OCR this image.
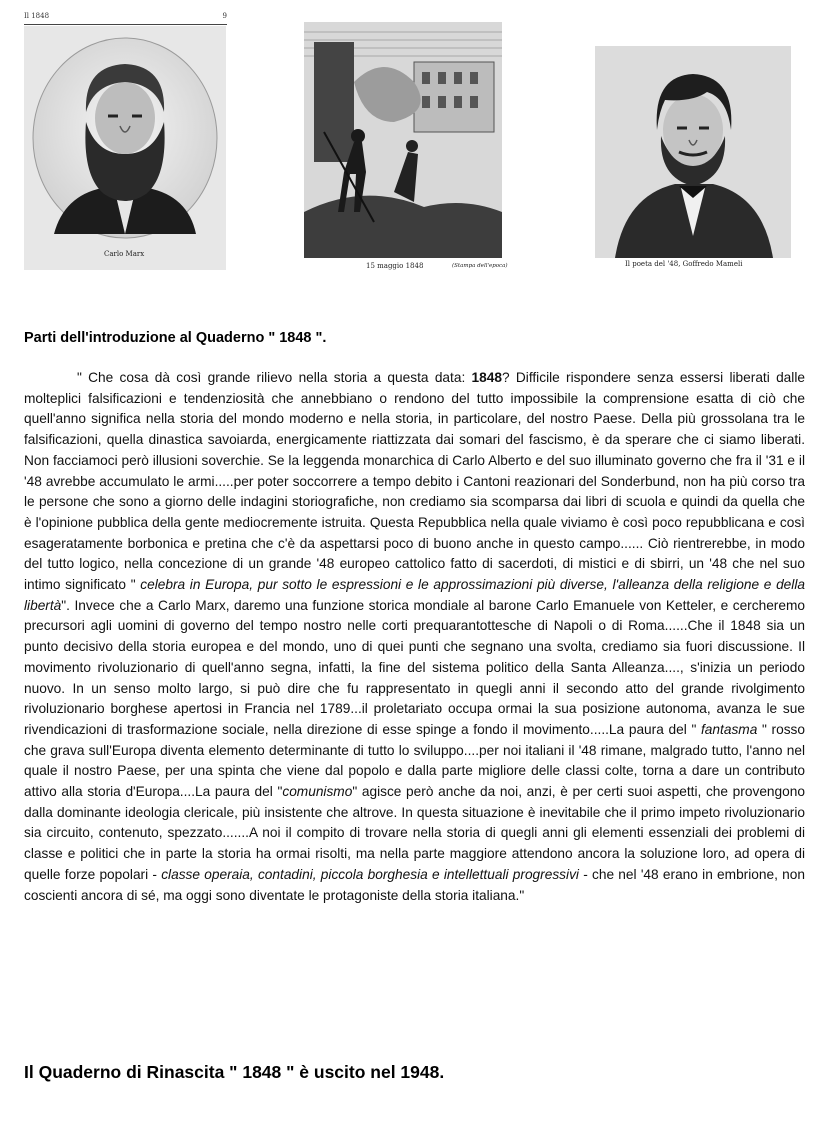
Il 1848	9
Carlo Marx
15 maggio 1848	(Stampa dell'epoca)	Il poeta del '48, Goffredo Mameli
Parti dell'introduzione al Quaderno " 1848 ".

" Che cosa dà così grande rilievo nella storia a questa data: 1848? Difficile rispondere senza essersi liberati dalle molteplici falsificazioni e tendenziosità che annebbiano o rendono del tutto impossibile la comprensione esatta di ciò che quell'anno significa nella storia del mondo moderno e nella storia, in particolare, del nostro Paese. Della più grossolana tra le falsificazioni, quella dinastica savoiarda, energicamente riattizzata dai somari del fascismo, è da sperare che ci siamo liberati. Non facciamoci però illusioni soverchie. Se la leggenda monarchica di Carlo Alberto e del suo illuminato governo che fra il '31 e il '48 avrebbe accumulato le armi.....per poter soccorrere a tempo debito i Cantoni reazionari del Sonderbund, non ha più corso tra le persone che sono a giorno delle indagini storiografiche, non crediamo sia scomparsa dai libri di scuola e quindi da quella che è l'opinione pubblica della gente mediocremente istruita. Questa Repubblica nella quale viviamo è così poco repubblicana e così esageratamente borbonica e pretina che c'è da aspettarsi poco di buono anche in questo campo...... Ciò rientrerebbe, in modo del tutto logico, nella concezione di un grande '48 europeo cattolico fatto di sacerdoti, di mistici e di sbirri, un '48 che nel suo intimo significato " celebra in Europa, pur sotto le espressioni e le approssimazioni più diverse, l'alleanza della religione e della libertà". Invece che a Carlo Marx, daremo una funzione storica mondiale al barone Carlo Emanuele von Ketteler, e cercheremo precursori agli uomini di governo del tempo nostro nelle corti prequarantottesche di Napoli o di Roma......Che il 1848 sia un punto decisivo della storia europea e del mondo, uno di quei punti che segnano una svolta, crediamo sia fuori discussione. Il movimento rivoluzionario di quell'anno segna, infatti, la fine del sistema politico della Santa Alleanza...., s'inizia un periodo nuovo. In un senso molto largo, si può dire che fu rappresentato in quegli anni il secondo atto del grande rivolgimento rivoluzionario borghese apertosi in Francia nel 1789...il proletariato occupa ormai la sua posizione autonoma, avanza le sue rivendicazioni di trasformazione sociale, nella direzione di esse spinge a fondo il movimento.....La paura del " fantasma " rosso che grava sull'Europa diventa elemento determinante di tutto lo sviluppo....per noi italiani il '48 rimane, malgrado tutto, l'anno nel quale il nostro Paese, per una spinta che viene dal popolo e dalla parte migliore delle classi colte, torna a dare un contributo attivo alla storia d'Europa....La paura del "comunismo" agisce però anche da noi, anzi, è per certi suoi aspetti, che provengono dalla dominante ideologia clericale, più insistente che altrove. In questa situazione è inevitabile che il primo impeto rivoluzionario sia circuito, contenuto, spezzato.......A noi il compito di trovare nella storia di quegli anni gli elementi essenziali dei problemi di classe e politici che in parte la storia ha ormai risolti, ma nella parte maggiore attendono ancora la soluzione loro, ad opera di quelle forze popolari - classe operaia, contadini, piccola borghesia e intellettuali progressivi - che nel '48 erano in embrione, non coscienti ancora di sé, ma oggi sono diventate le protagoniste della storia italiana."

Il Quaderno di Rinascita " 1848 " è uscito nel 1948.
